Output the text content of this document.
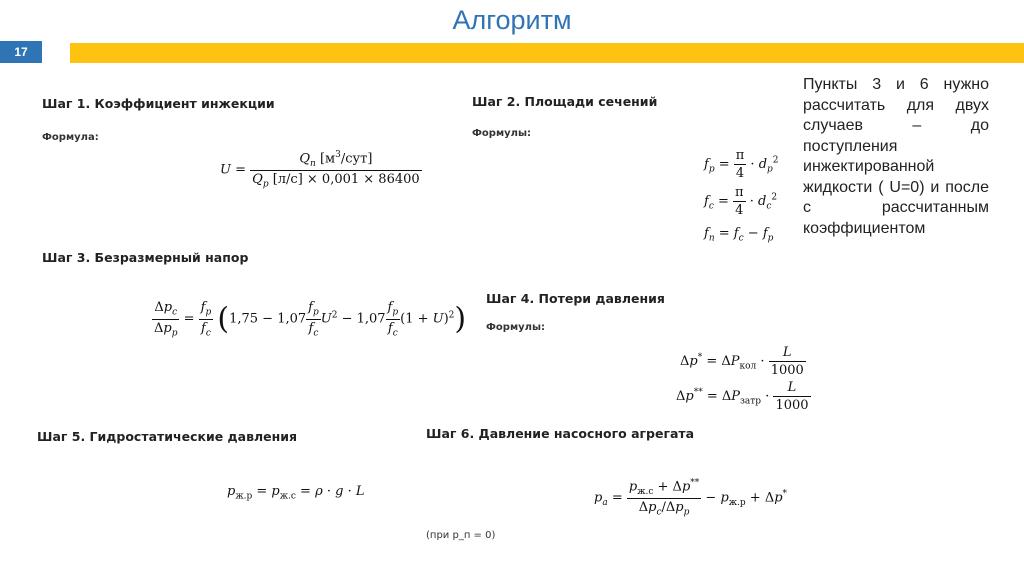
Алгоритм
17
Пункты 3 и 6 нужно рассчитать для двух случаев – до поступления инжектированной жидкости ( U=0) и после с рассчитанным коэффициентом
Шаг 1. Коэффициент инжекции
Формула:
$U = \frac{Q_п [м^3/сут]}{Q_р [л/с] \times 0,001 \times 86400}$
Шаг 2. Площади сечений
Формулы:
$f_р = \frac{\pi}{4} \cdot d_р^2$
$f_с = \frac{\pi}{4} \cdot d_с^2$
$f_п = f_с - f_р$
Шаг 3. Безразмерный напор
$\frac{\Delta p_с}{\Delta p_р} = \frac{f_р}{f_с} (1,75 - 1,07 \frac{f_р}{f_с} U^2 - 1,07 \frac{f_р}{f_с} (1 + U)^2)$
Шаг 4. Потери давления
Формулы:
$\Delta p^* = \Delta P_{кол} \cdot \frac{L}{1000}$
$\Delta p^{**} = \Delta P_{затр} \cdot \frac{L}{1000}$
Шаг 5. Гидростатические давления
$p_{ж.р} = p_{ж.с} = \rho \cdot g \cdot L$
Шаг 6. Давление насосного агрегата
$p_а = \frac{p_{ж.с} + \Delta p^{**}}{\Delta p_с/\Delta p_р} - p_{ж.р} + \Delta p^*$
(при p_п = 0)
